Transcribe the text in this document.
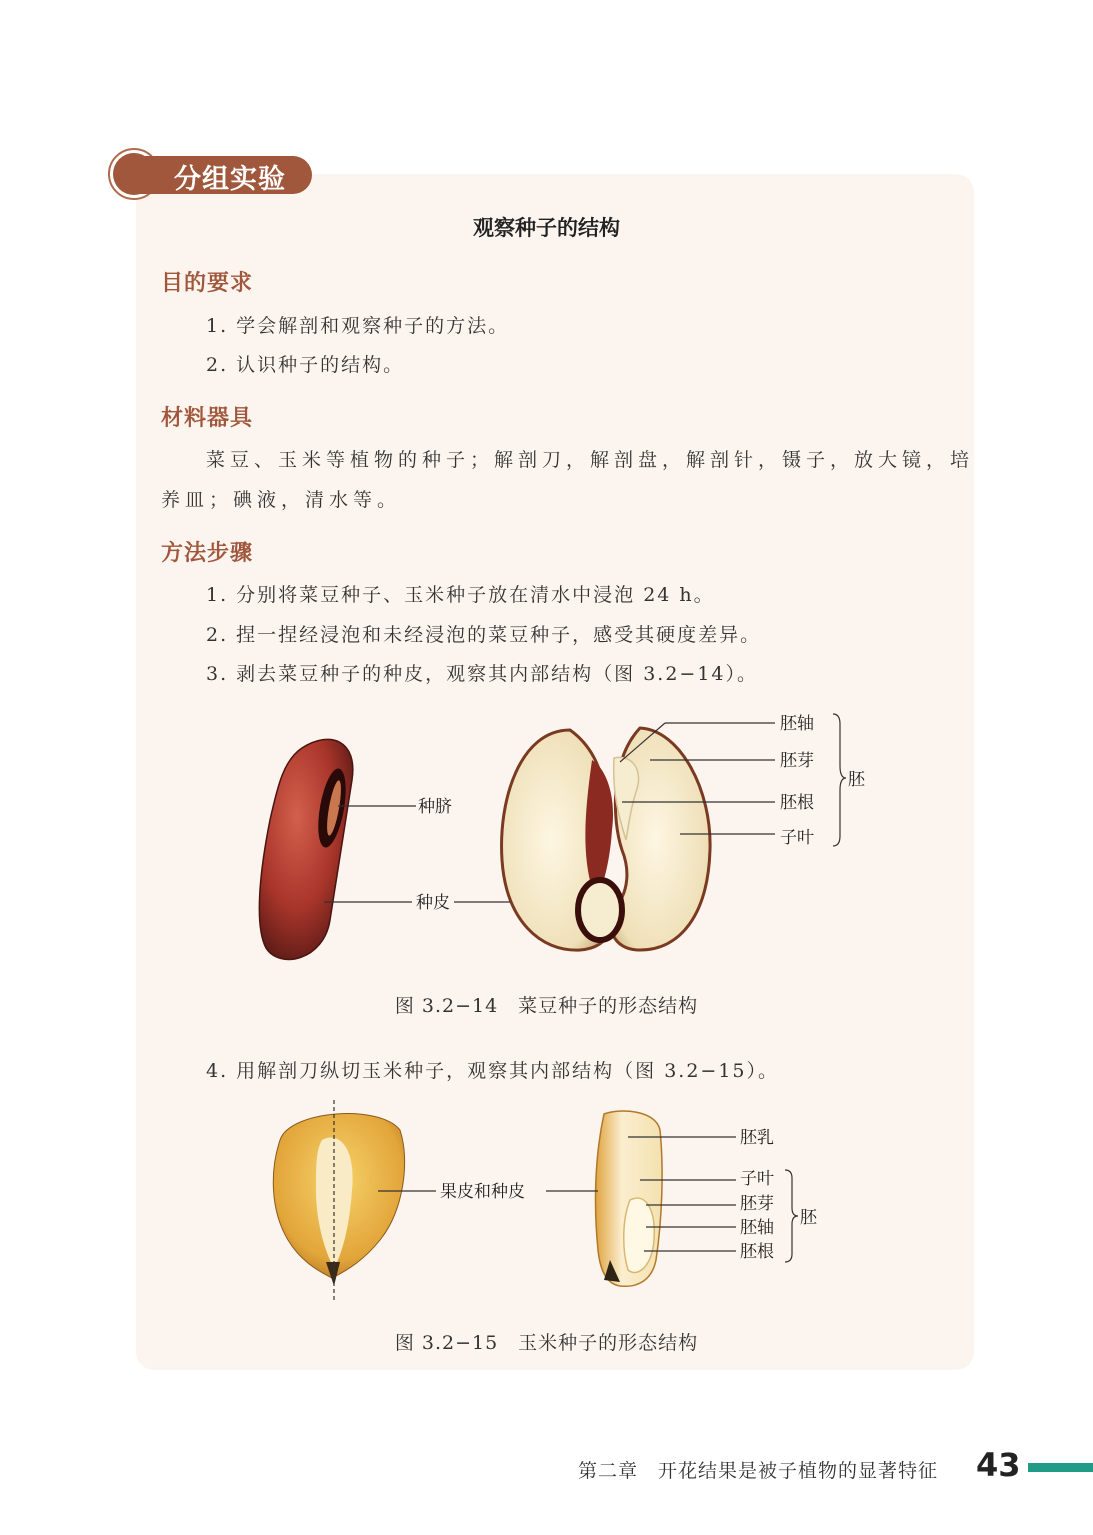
分组实验
观察种子的结构
目的要求
1. 学会解剖和观察种子的方法。
2. 认识种子的结构。
材料器具
菜豆、玉米等植物的种子；解剖刀，解剖盘，解剖针，镊子，放大镜，培
养皿；碘液，清水等。
方法步骤
1. 分别将菜豆种子、玉米种子放在清水中浸泡 24 h。
2. 捏一捏经浸泡和未经浸泡的菜豆种子，感受其硬度差异。
3. 剥去菜豆种子的种皮，观察其内部结构（图 3.2−14）。
种脐
种皮
胚轴
胚芽
胚根
子叶
胚
图 3.2−14　菜豆种子的形态结构
4. 用解剖刀纵切玉米种子，观察其内部结构（图 3.2−15）。
果皮和种皮
胚乳
子叶
胚芽
胚轴
胚根
胚
图 3.2−15　玉米种子的形态结构
第二章　开花结果是被子植物的显著特征 43
